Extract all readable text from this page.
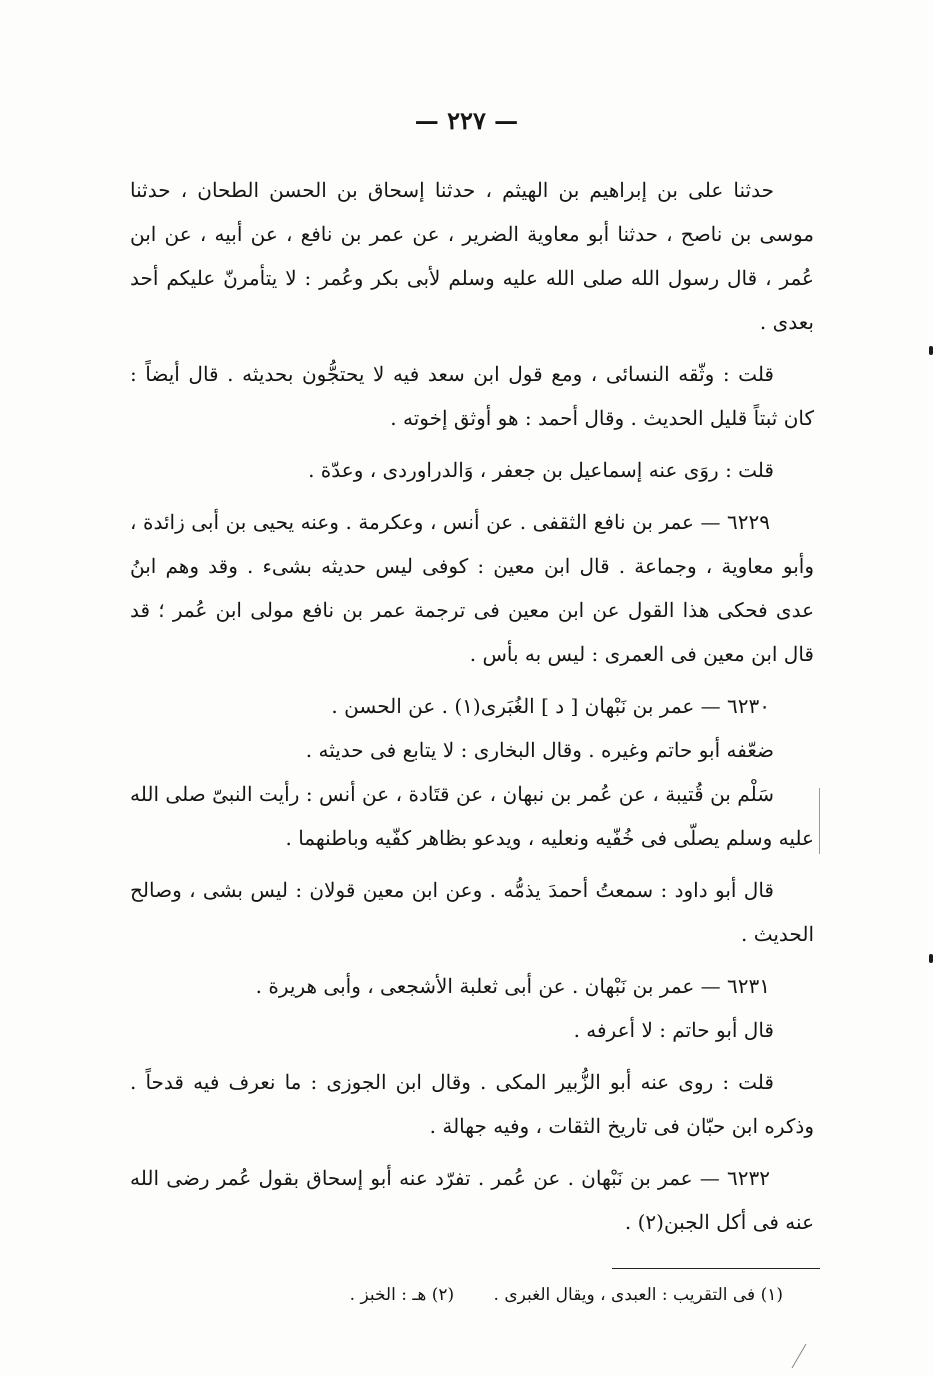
— ٢٢٧ —

حدثنا على بن إبراهيم بن الهيثم ، حدثنا إسحاق بن الحسن الطحان ، حدثنا موسى بن ناصح ، حدثنا أبو معاوية الضرير ، عن عمر بن نافع ، عن أبيه ، عن ابن عُمر ، قال رسول الله صلى الله عليه وسلم لأبى بكر وعُمر : لا يتأمرنّ عليكم أحد بعدى .

قلت : وثّقه النسائى ، ومع قول ابن سعد فيه لا يحتجُّون بحديثه . قال أيضاً : كان ثبتاً قليل الحديث . وقال أحمد : هو أوثق إخوته .

قلت : روَى عنه إسماعيل بن جعفر ، وَالدراوردى ، وعدّة .

٦٢٢٩ — عمر بن نافع الثقفى . عن أنس ، وعكرمة . وعنه يحيى بن أبى زائدة ، وأبو معاوية ، وجماعة . قال ابن معين : كوفى ليس حديثه بشىء . وقد وهم ابنُ عدى فحكى هذا القول عن ابن معين فى ترجمة عمر بن نافع مولى ابن عُمر ؛ قد قال ابن معين فى العمرى : ليس به بأس .

٦٢٣٠ — عمر بن نَبْهان [ د ] الغُبَرى(١) . عن الحسن .

ضعّفه أبو حاتم وغيره . وقال البخارى : لا يتابع فى حديثه .

سَلْم بن قُتيبة ، عن عُمر بن نبهان ، عن قتَادة ، عن أنس : رأيت النبىّ صلى الله عليه وسلم يصلّى فى خُفّيه ونعليه ، ويدعو بظاهر كفّيه وباطنهما .

قال أبو داود : سمعتُ أحمدَ يذمُّه . وعن ابن معين قولان : ليس بشى ، وصالح الحديث .

٦٢٣١ — عمر بن نَبْهان . عن أبى ثعلبة الأشجعى ، وأبى هريرة .

قال أبو حاتم : لا أعرفه .

قلت : روى عنه أبو الزُّبير المكى . وقال ابن الجوزى : ما نعرف فيه قدحاً . وذكره ابن حبّان فى تاريخ الثقات ، وفيه جهالة .

٦٢٣٢ — عمر بن نَبْهان . عن عُمر . تفرّد عنه أبو إسحاق بقول عُمر رضى الله عنه فى أكل الجبن(٢) .

(١) فى التقريب : العبدى ، ويقال الغبرى . (٢) هـ : الخبز .
